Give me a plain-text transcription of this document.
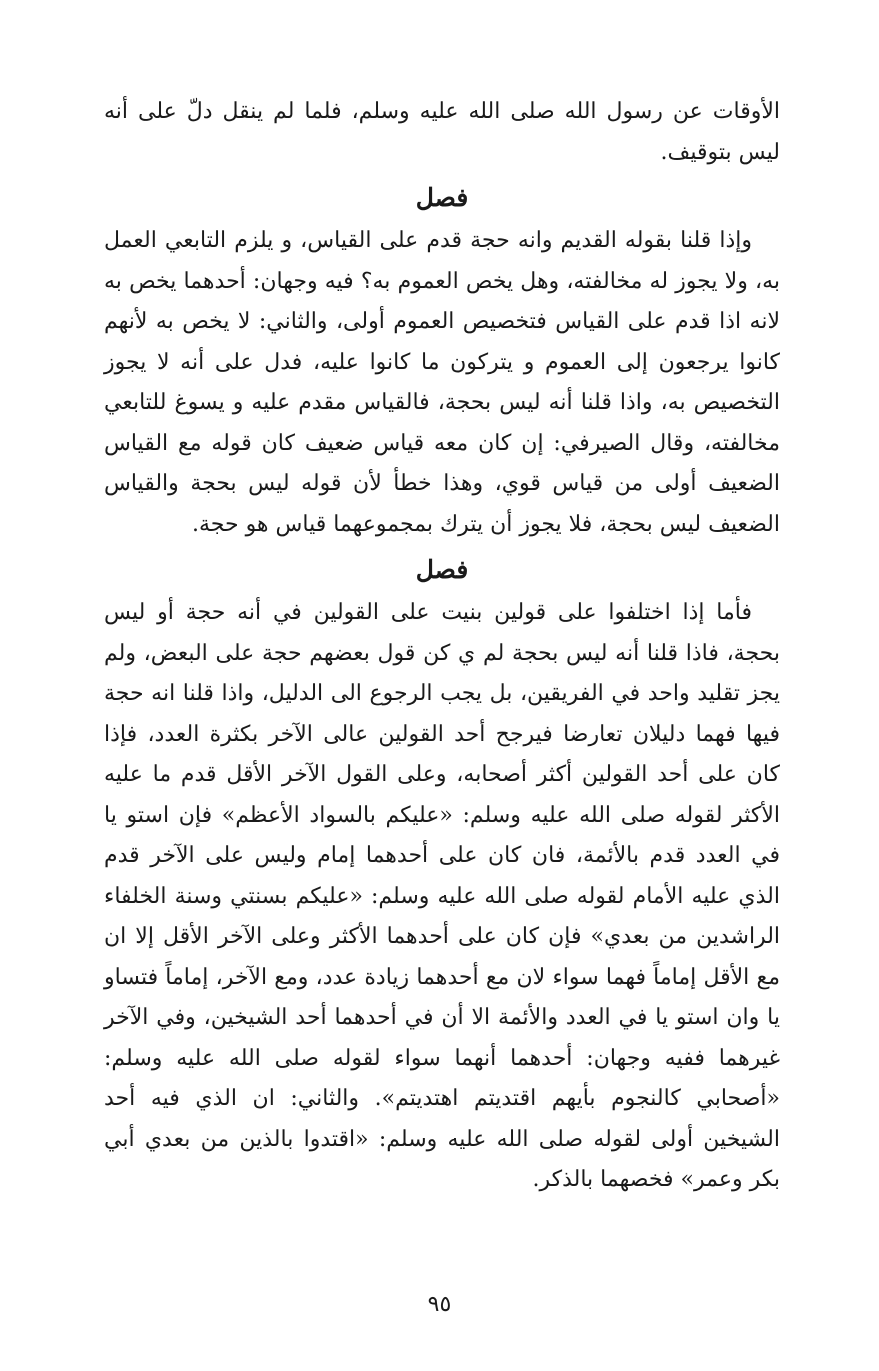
الأوقات عن رسول الله صلى الله عليه وسلم، فلما لم ينقل دلّ على أنه ليس بتوقيف.

فصل

وإذا قلنا بقوله القديم وانه حجة قدم على القياس، و يلزم التابعي العمل به، ولا يجوز له مخالفته، وهل يخص العموم به؟ فيه وجهان: أحدهما يخص به لانه اذا قدم على القياس فتخصيص العموم أولى، والثاني: لا يخص به لأنهم كانوا يرجعون إلى العموم و يتركون ما كانوا عليه، فدل على أنه لا يجوز التخصيص به، واذا قلنا أنه ليس بحجة، فالقياس مقدم عليه و يسوغ للتابعي مخالفته، وقال الصيرفي: إن كان معه قياس ضعيف كان قوله مع القياس الضعيف أولى من قياس قوي، وهذا خطأ لأن قوله ليس بحجة والقياس الضعيف ليس بحجة، فلا يجوز أن يترك بمجموعهما قياس هو حجة.

فصل

فأما إذا اختلفوا على قولين بنيت على القولين في أنه حجة أو ليس بحجة، فاذا قلنا أنه ليس بحجة لم ي كن قول بعضهم حجة على البعض، ولم يجز تقليد واحد في الفريقين، بل يجب الرجوع الى الدليل، واذا قلنا انه حجة فيها فهما دليلان تعارضا فيرجح أحد القولين عالى الآخر بكثرة العدد، فإذا كان على أحد القولين أكثر أصحابه، وعلى القول الآخر الأقل قدم ما عليه الأكثر لقوله صلى الله عليه وسلم: «عليكم بالسواد الأعظم» فإن استو يا في العدد قدم بالأئمة، فان كان على أحدهما إمام وليس على الآخر قدم الذي عليه الأمام لقوله صلى الله عليه وسلم: «عليكم بسنتي وسنة الخلفاء الراشدين من بعدي» فإن كان على أحدهما الأكثر وعلى الآخر الأقل إلا ان مع الأقل إماماً فهما سواء لان مع أحدهما زيادة عدد، ومع الآخر، إماماً فتساو يا وان استو يا في العدد والأئمة الا أن في أحدهما أحد الشيخين، وفي الآخر غيرهما ففيه وجهان: أحدهما أنهما سواء لقوله صلى الله عليه وسلم: «أصحابي كالنجوم بأيهم اقتديتم اهتديتم». والثاني: ان الذي فيه أحد الشيخين أولى لقوله صلى الله عليه وسلم: «اقتدوا بالذين من بعدي أبي بكر وعمر» فخصهما بالذكر.

٩٥
